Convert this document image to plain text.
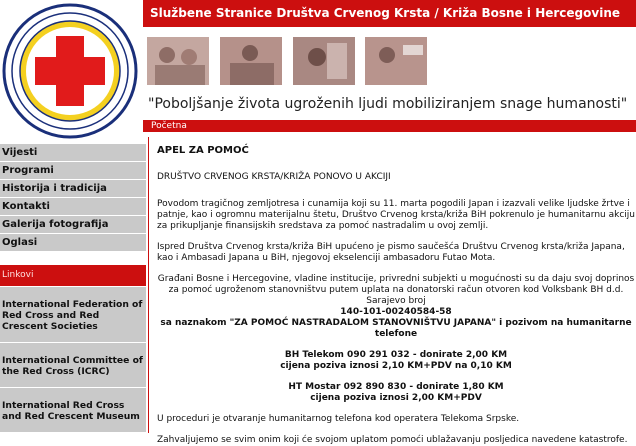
Službene Stranice Društva Crvenog Krsta / Križa Bosne i Hercegovine
"Poboljšanje života ugroženih ljudi mobiliziranjem snage humanosti"
Početna
Vijesti
Programi
Historija i tradicija
Kontakti
Galerija fotografija
Oglasi
Linkovi
International Federation of Red Cross and Red Crescent Societies
International Committee of the Red Cross (ICRC)
International Red Cross and Red Crescent Museum

APEL ZA POMOĆ

DRUŠTVO CRVENOG KRSTA/KRIŽA PONOVO U AKCIJI

Povodom tragičnog zemljotresa i cunamija koji su 11. marta pogodili Japan i izazvali velike ljudske žrtve i patnje, kao i ogromnu materijalnu štetu, Društvo Crvenog krsta/križa BiH pokrenulo je humanitarnu akciju za prikupljanje finansijskih sredstava za pomoć nastradalim u ovoj zemlji.

Ispred Društva Crvenog krsta/križa BiH upućeno je pismo saučešća Društvu Crvenog krsta/križa Japana, kao i Ambasadi Japana u BiH, njegovoj ekselenciji ambasadoru Futao Mota.

Građani Bosne i Hercegovine, vladine institucije, privredni subjekti u mogućnosti su da daju svoj doprinos za pomoć ugroženom stanovništvu putem uplata na donatorski račun otvoren kod Volksbank BH d.d. Sarajevo broj

140-101-00240584-58

sa naznakom "ZA POMOĆ NASTRADALOM STANOVNIŠTVU JAPANA" i pozivom na humanitarne telefone

BH Telekom 090 291 032 - donirate 2,00 KM

cijena poziva iznosi 2,10 KM+PDV na 0,10 KM

HT Mostar 092 890 830 - donirate 1,80 KM

cijena poziva iznosi 2,00 KM+PDV

U proceduri je otvaranje humanitarnog telefona kod operatera Telekoma Srpske.

Zahvaljujemo se svim onim koji će svojom uplatom pomoći ublažavanju posljedica navedene katastrofe.
